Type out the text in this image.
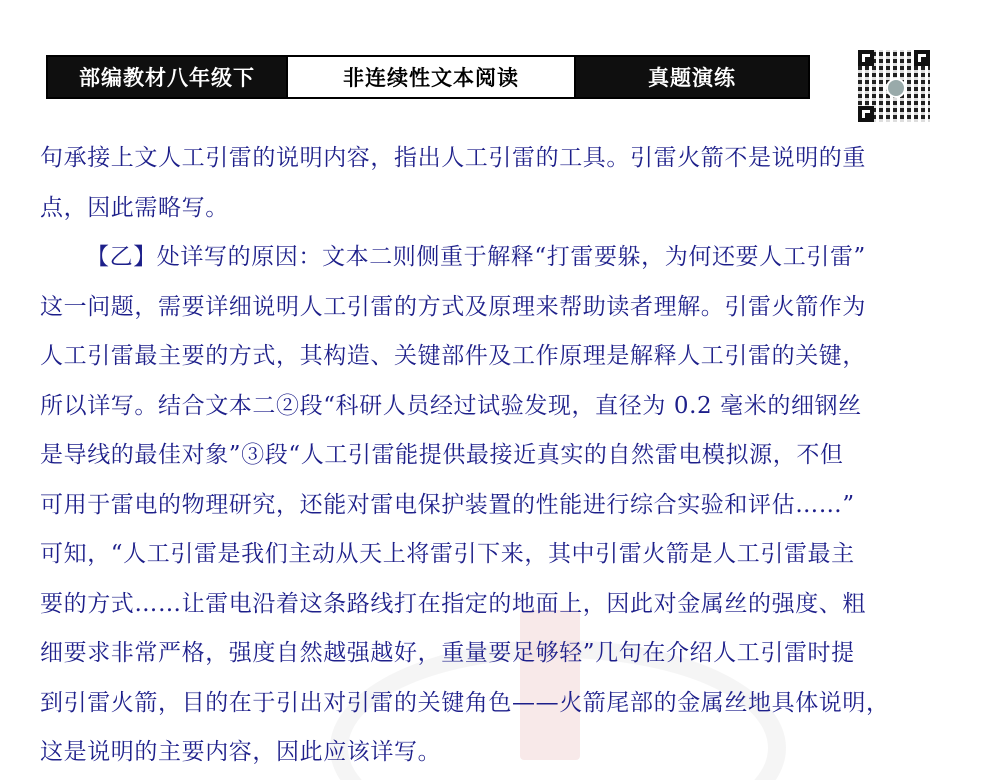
部编教材八年级下	非连续性文本阅读	真题演练
句承接上文人工引雷的说明内容，指出人工引雷的工具。引雷火箭不是说明的重
点，因此需略写。
【乙】处详写的原因：文本二则侧重于解释“打雷要躲，为何还要人工引雷”
这一问题，需要详细说明人工引雷的方式及原理来帮助读者理解。引雷火箭作为
人工引雷最主要的方式，其构造、关键部件及工作原理是解释人工引雷的关键，
所以详写。结合文本二②段“科研人员经过试验发现，直径为 0.2 毫米的细钢丝
是导线的最佳对象”③段“人工引雷能提供最接近真实的自然雷电模拟源，不但
可用于雷电的物理研究，还能对雷电保护装置的性能进行综合实验和评估……”
可知，“人工引雷是我们主动从天上将雷引下来，其中引雷火箭是人工引雷最主
要的方式……让雷电沿着这条路线打在指定的地面上，因此对金属丝的强度、粗
细要求非常严格，强度自然越强越好，重量要足够轻”几句在介绍人工引雷时提
到引雷火箭，目的在于引出对引雷的关键角色——火箭尾部的金属丝地具体说明，
这是说明的主要内容，因此应该详写。
